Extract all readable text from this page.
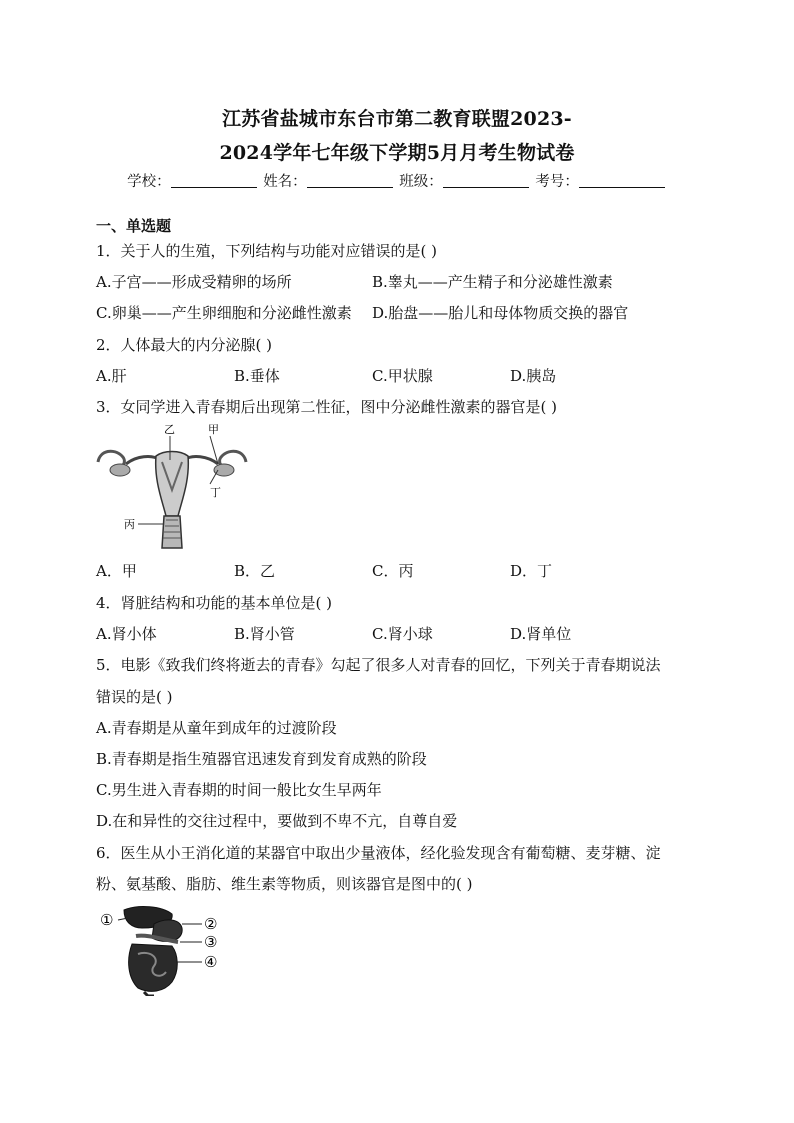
江苏省盐城市东台市第二教育联盟2023-
2024学年七年级下学期5月月考生物试卷
学校：	姓名：	班级：	考号：
一、单选题
1．关于人的生殖，下列结构与功能对应错误的是( )
A.子宫——形成受精卵的场所	B.睾丸——产生精子和分泌雄性激素
C.卵巢——产生卵细胞和分泌雌性激素 D.胎盘——胎儿和母体物质交换的器官
2．人体最大的内分泌腺( )
A.肝	B.垂体	C.甲状腺	D.胰岛
3．女同学进入青春期后出现第二性征，图中分泌雌性激素的器官是( )
乙	甲
丁
丙
A．甲	B．乙	C．丙	D．丁
4．肾脏结构和功能的基本单位是( )
A.肾小体	B.肾小管	C.肾小球	D.肾单位
5．电影《致我们终将逝去的青春》勾起了很多人对青春的回忆，下列关于青春期说法
错误的是( )
A.青春期是从童年到成年的过渡阶段
B.青春期是指生殖器官迅速发育到发育成熟的阶段
C.男生进入青春期的时间一般比女生早两年
D.在和异性的交往过程中，要做到不卑不亢，自尊自爱
6．医生从小王消化道的某器官中取出少量液体，经化验发现含有葡萄糖、麦芽糖、淀
粉、氨基酸、脂肪、维生素等物质，则该器官是图中的( )
①	②
③
④
